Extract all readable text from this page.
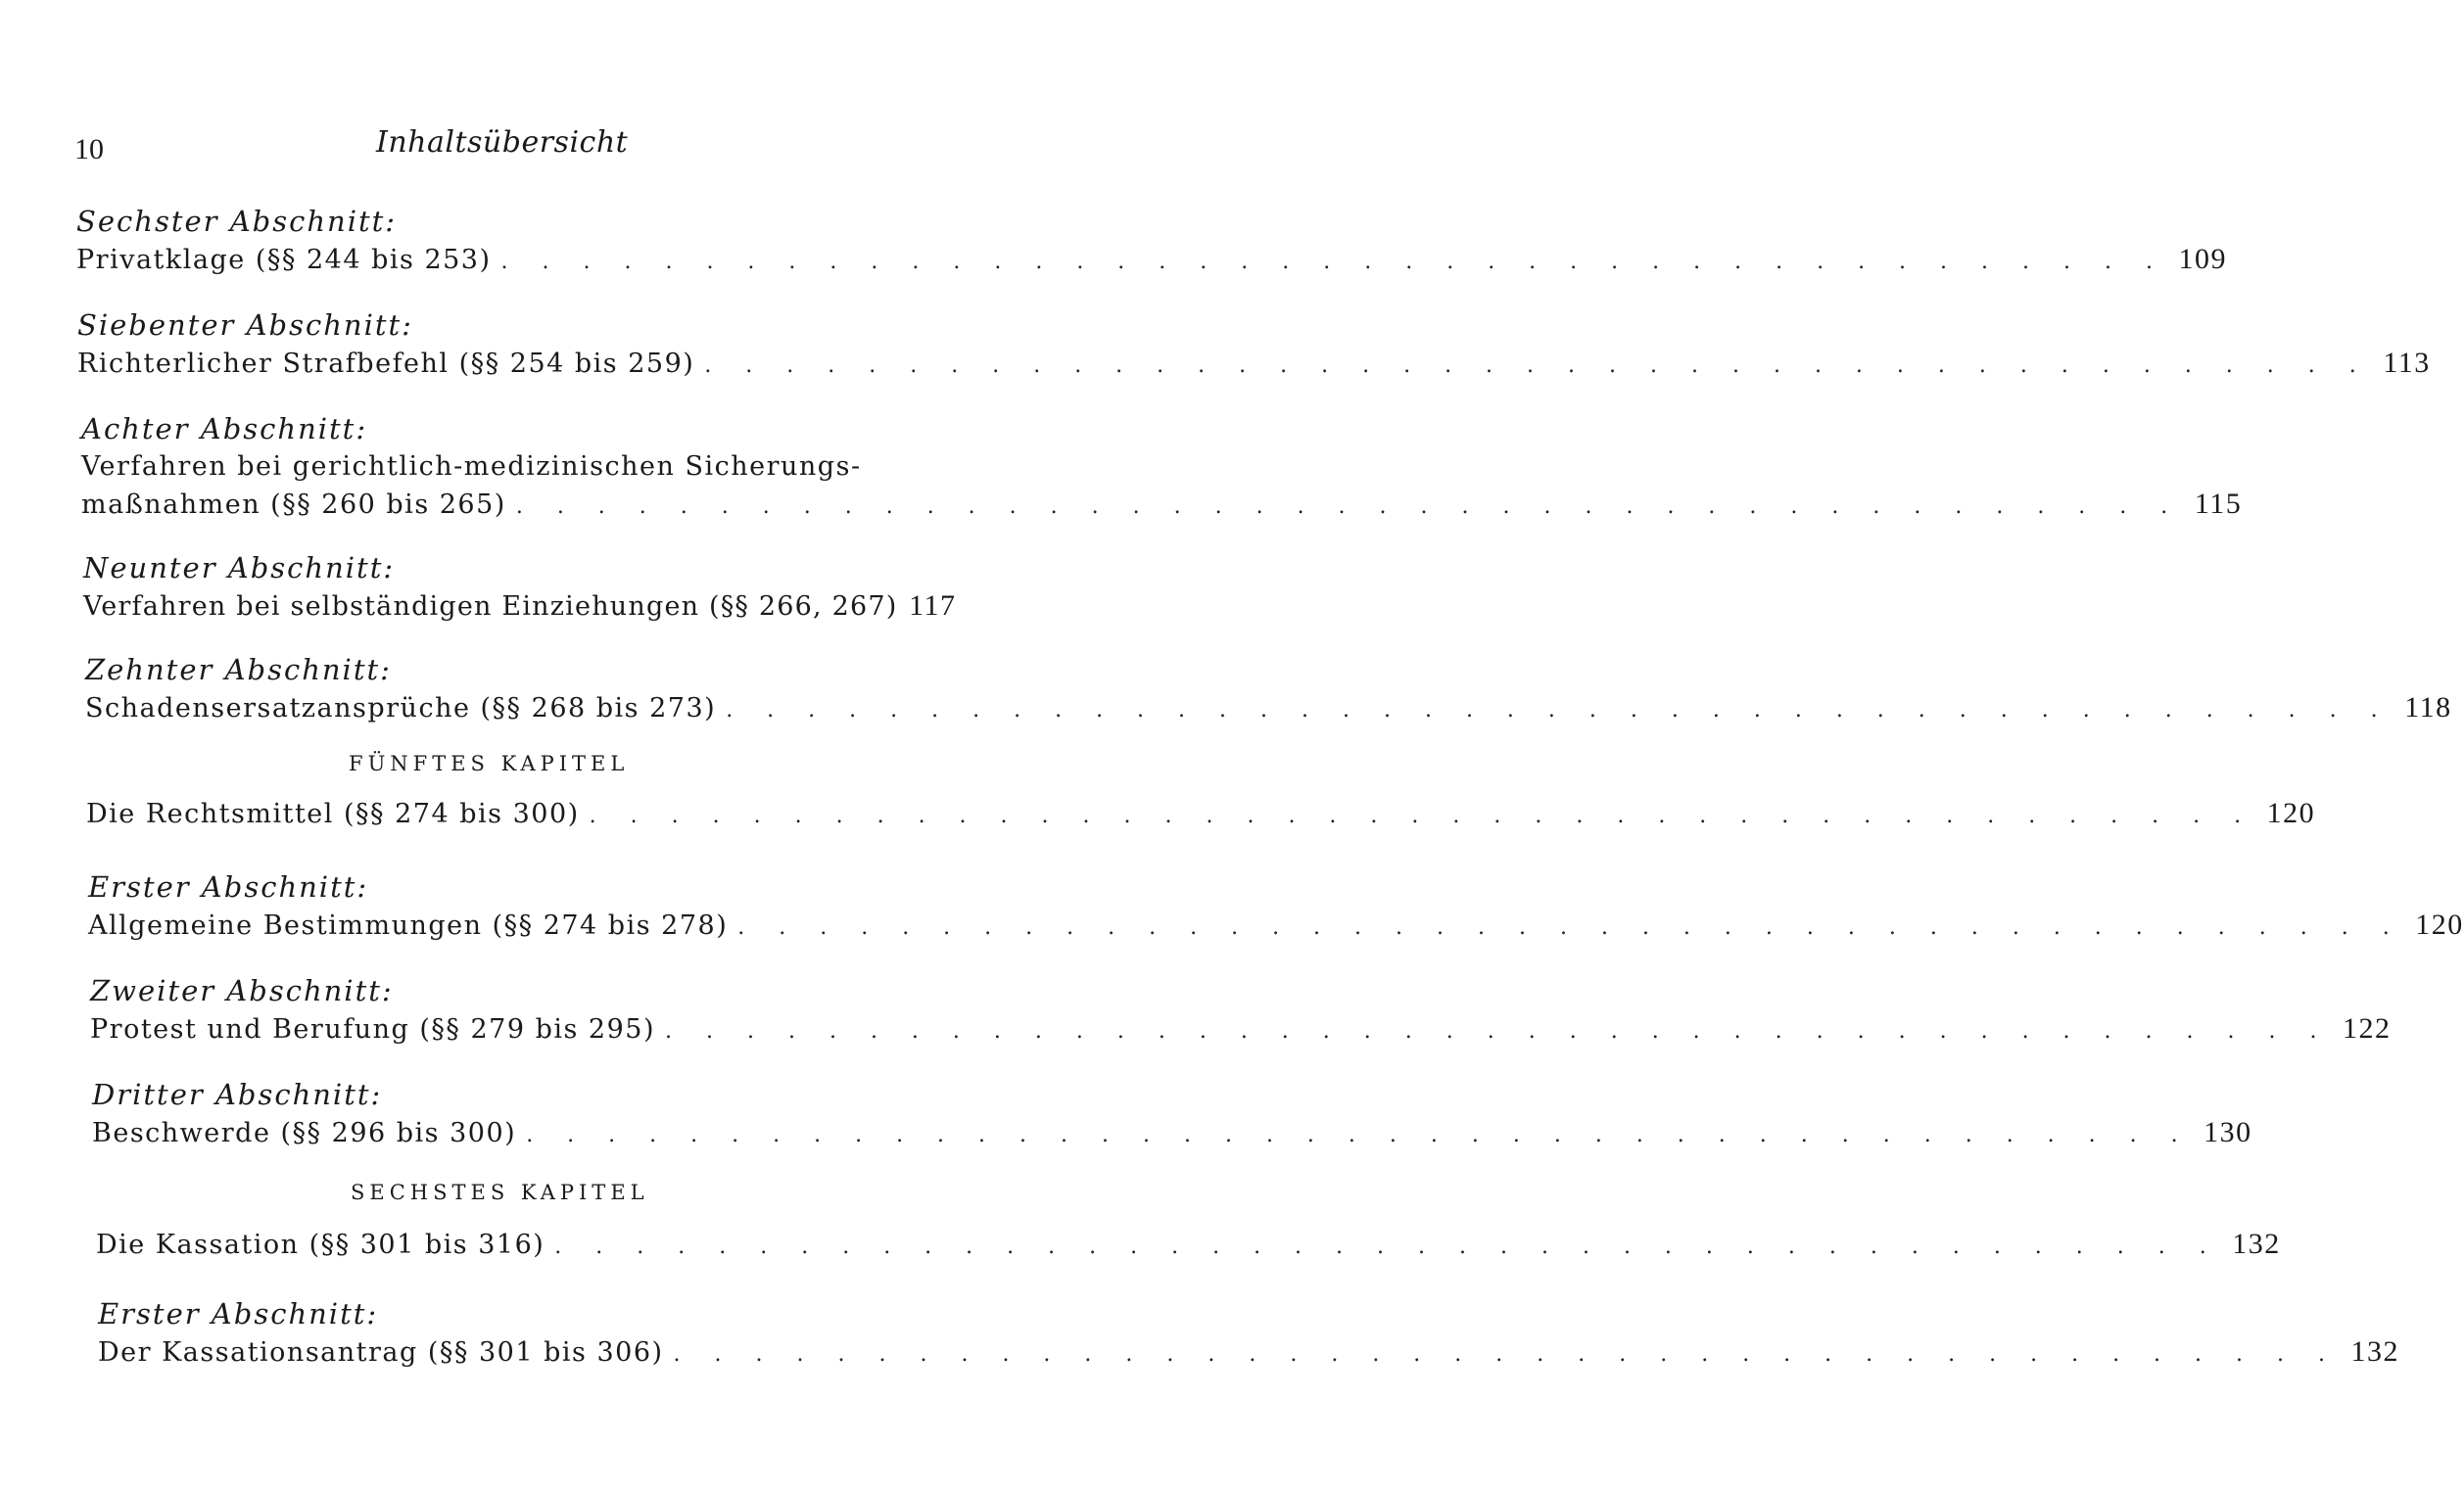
10	Inhaltsübersicht
Sechster Abschnitt:
Privatklage (§§ 244 bis 253) . . . . . . . . . . . . . . . . . . . . . . . . . . . . . . . . . . . . . . . . . 109
Siebenter Abschnitt:
Richterlicher Strafbefehl (§§ 254 bis 259) . . . . . . . . . . . . . . . . . . . . . . . . . . . . . . . . . . . . . . . . . 113
Achter Abschnitt:
Verfahren bei gerichtlich-medizinischen Sicherungs-
maßnahmen (§§ 260 bis 265) . . . . . . . . . . . . . . . . . . . . . . . . . . . . . . . . . . . . . . . . . 115
Neunter Abschnitt:
Verfahren bei selbständigen Einziehungen (§§ 266, 267) 117
Zehnter Abschnitt:
Schadensersatzansprüche (§§ 268 bis 273) . . . . . . . . . . . . . . . . . . . . . . . . . . . . . . . . . . . . . . . . . 118
FÜNFTES KAPITEL
Die Rechtsmittel (§§ 274 bis 300) . . . . . . . . . . . . . . . . . . . . . . . . . . . . . . . . . . . . . . . . . 120
Erster Abschnitt:
Allgemeine Bestimmungen (§§ 274 bis 278) . . . . . . . . . . . . . . . . . . . . . . . . . . . . . . . . . . . . . . . . . 120
Zweiter Abschnitt:
Protest und Berufung (§§ 279 bis 295) . . . . . . . . . . . . . . . . . . . . . . . . . . . . . . . . . . . . . . . . . 122
Dritter Abschnitt:
Beschwerde (§§ 296 bis 300) . . . . . . . . . . . . . . . . . . . . . . . . . . . . . . . . . . . . . . . . . 130
SECHSTES KAPITEL
Die Kassation (§§ 301 bis 316) . . . . . . . . . . . . . . . . . . . . . . . . . . . . . . . . . . . . . . . . . 132
Erster Abschnitt:
Der Kassationsantrag (§§ 301 bis 306) . . . . . . . . . . . . . . . . . . . . . . . . . . . . . . . . . . . . . . . . . 132
